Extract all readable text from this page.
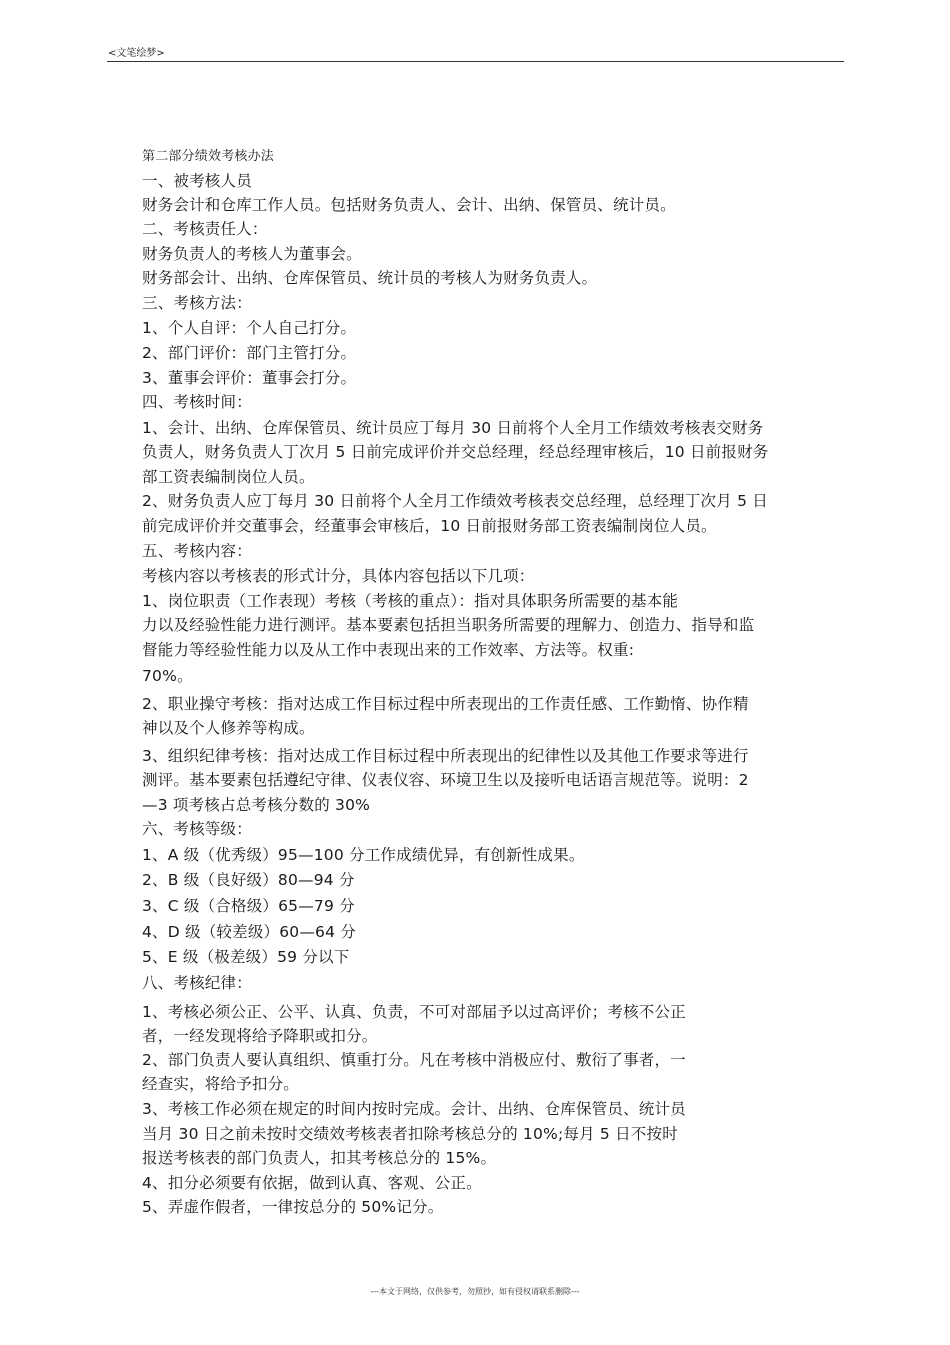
<文笔绘梦>
第二部分绩效考核办法
一、被考核人员
财务会计和仓库工作人员。包括财务负责人、会计、出纳、保管员、统计员。
二、考核责任人：
财务负责人的考核人为董事会。
财务部会计、出纳、仓库保管员、统计员的考核人为财务负责人。
三、考核方法：
1、个人自评：个人自己打分。
2、部门评价：部门主管打分。
3、董事会评价：董事会打分。
四、考核时间：
1、会计、出纳、仓库保管员、统计员应丁每月 30 日前将个人全月工作绩效考核表交财务
负责人，财务负责人丁次月 5 日前完成评价并交总经理，经总经理审核后，10 日前报财务
部工资表编制岗位人员。
2、财务负责人应丁每月 30 日前将个人全月工作绩效考核表交总经理，总经理丁次月 5 日
前完成评价并交董事会，经董事会审核后，10 日前报财务部工资表编制岗位人员。
五、考核内容：
考核内容以考核表的形式计分，具体内容包括以下几项：
1、岗位职责（工作表现）考核（考核的重点）：指对具体职务所需要的基本能
力以及经验性能力进行测评。基本要素包括担当职务所需要的理解力、创造力、指导和监
督能力等经验性能力以及从工作中表现出来的工作效率、方法等。权重:
70%。
2、职业操守考核：指对达成工作目标过程中所表现出的工作责任感、工作勤惰、协作精
神以及个人修养等构成。
3、组织纪律考核：指对达成工作目标过程中所表现出的纪律性以及其他工作要求等进行
测评。基本要素包括遵纪守律、仪表仪容、环境卫生以及接听电话语言规范等。说明：2
—3 项考核占总考核分数的 30%
六、考核等级：
1、A 级（优秀级）95—100 分工作成绩优异，有创新性成果。
2、B 级（良好级）80—94 分
3、C 级（合格级）65—79 分
4、D 级（较差级）60—64 分
5、E 级（极差级）59 分以下
八、考核纪律：
1、考核必须公正、公平、认真、负责，不可对部届予以过高评价；考核不公正
者，一经发现将给予降职或扣分。
2、部门负责人要认真组织、慎重打分。凡在考核中消极应付、敷衍了事者，一
经查实，将给予扣分。
3、考核工作必须在规定的时间内按时完成。会计、出纳、仓库保管员、统计员
当月 30 日之前未按时交绩效考核表者扣除考核总分的 10%;每月 5 日不按时
报送考核表的部门负责人，扣其考核总分的 15%。
4、扣分必须要有依据，做到认真、客观、公正。
5、弄虚作假者，一律按总分的 50%记分。
---本文于网络，仅供参考，勿照抄，如有侵权请联系删除---
